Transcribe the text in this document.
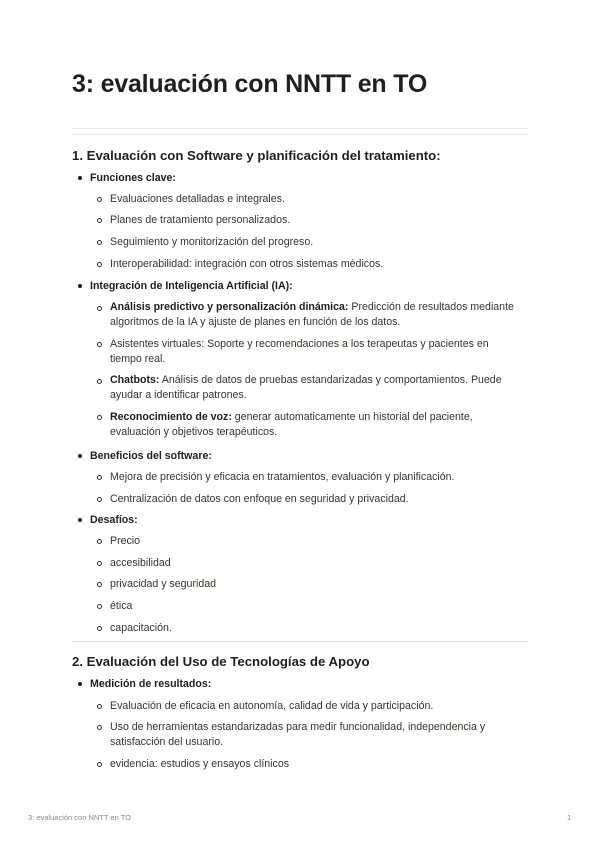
3: evaluación con NNTT en TO
1. Evaluación con Software y planificación del tratamiento:
Funciones clave:
Evaluaciones detalladas e integrales.
Planes de tratamiento personalizados.
Seguimiento y monitorización del progreso.
Interoperabilidad: integración con otros sistemas médicos.
Integración de Inteligencia Artificial (IA):
Análisis predictivo y personalización dinámica: Predicción de resultados mediante
algoritmos de la IA y ajuste de planes en función de los datos.
Asistentes virtuales: Soporte y recomendaciones a los terapeutas y pacientes en
tiempo real.
Chatbots: Análisis de datos de pruebas estandarizadas y comportamientos. Puede
ayudar a identificar patrones.
Reconocimiento de voz: generar automaticamente un historial del paciente,
evaluación y objetivos terapéuticos.
Beneficios del software:
Mejora de precisión y eficacia en tratamientos, evaluación y planificación.
Centralización de datos con enfoque en seguridad y privacidad.
Desafíos:
Precio
accesibilidad
privacidad y seguridad
ética
capacitación.
2. Evaluación del Uso de Tecnologías de Apoyo
Medición de resultados:
Evaluación de eficacia en autonomía, calidad de vida y participación.
Uso de herramientas estandarizadas para medir funcionalidad, independencia y
satisfacción del usuario.
evidencia: estudios y ensayos clínicos
3: evaluación con NNTT en TO	1
